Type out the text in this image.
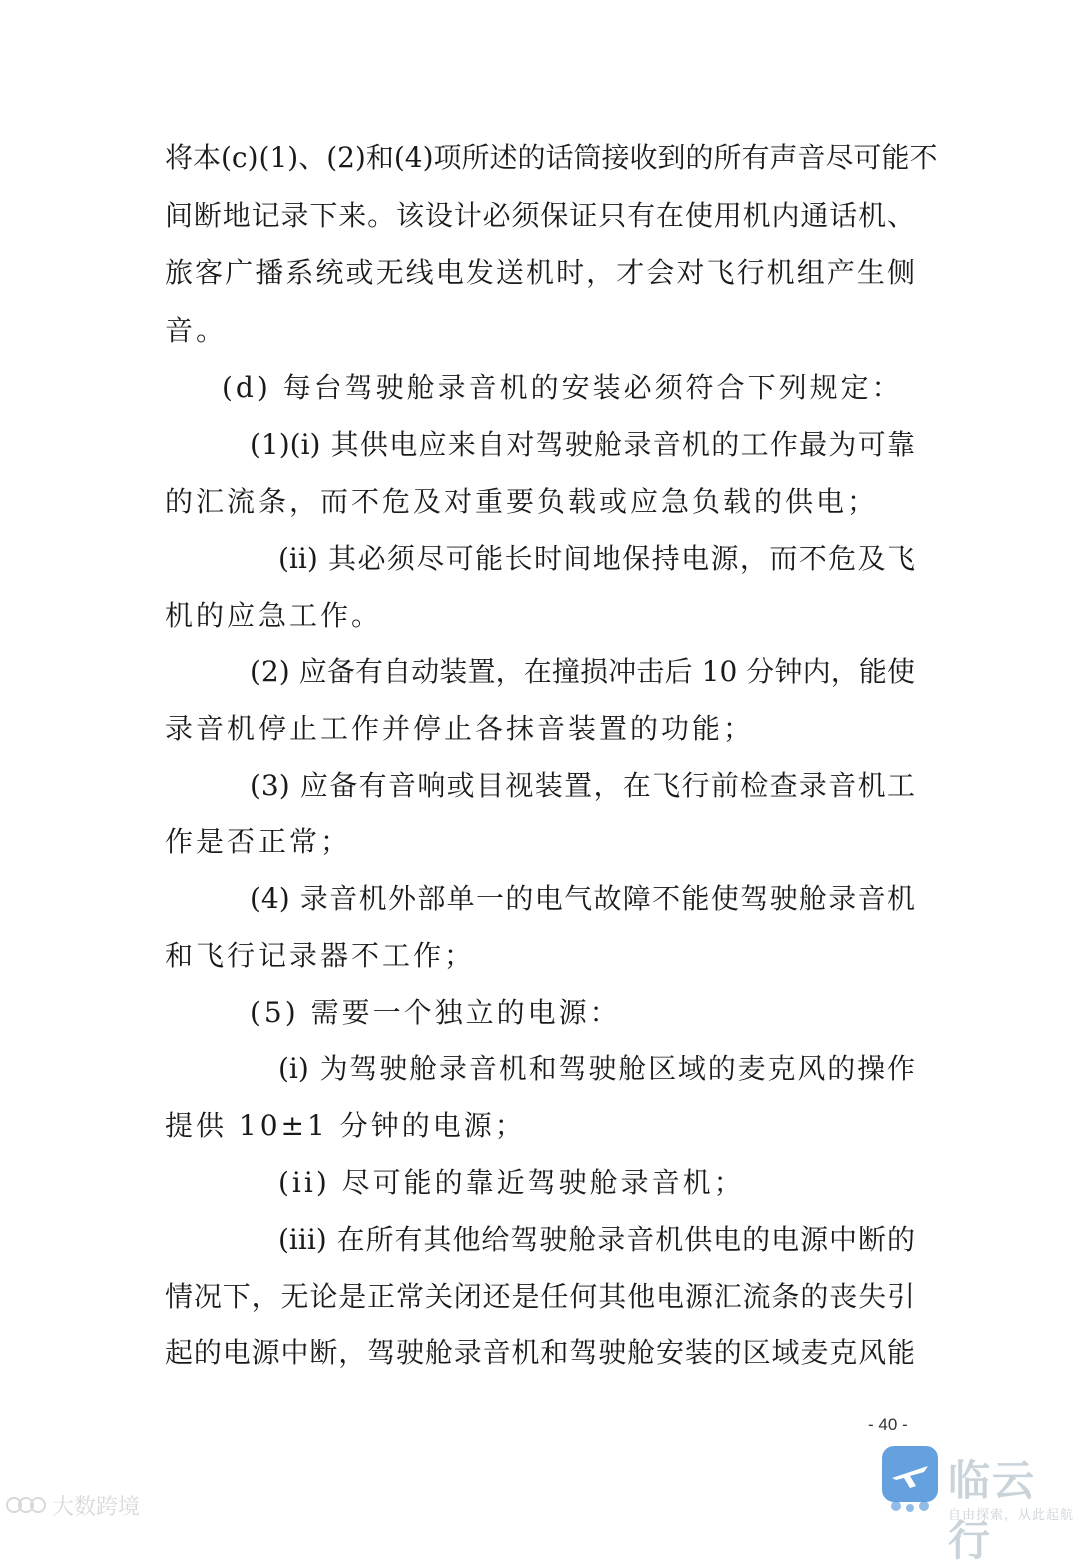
将本(c)(1)、(2)和(4)项所述的话筒接收到的所有声音尽可能不
间断地记录下来。该设计必须保证只有在使用机内通话机、
旅客广播系统或无线电发送机时，才会对飞行机组产生侧
音。
(d) 每台驾驶舱录音机的安装必须符合下列规定：
(1)(i) 其供电应来自对驾驶舱录音机的工作最为可靠
的汇流条，而不危及对重要负载或应急负载的供电；
(ii) 其必须尽可能长时间地保持电源，而不危及飞
机的应急工作。
(2) 应备有自动装置，在撞损冲击后 10 分钟内，能使
录音机停止工作并停止各抹音装置的功能；
(3) 应备有音响或目视装置，在飞行前检查录音机工
作是否正常；
(4) 录音机外部单一的电气故障不能使驾驶舱录音机
和飞行记录器不工作；
(5) 需要一个独立的电源：
(i) 为驾驶舱录音机和驾驶舱区域的麦克风的操作
提供 10±1 分钟的电源；
(ii) 尽可能的靠近驾驶舱录音机；
(iii) 在所有其他给驾驶舱录音机供电的电源中断的
情况下，无论是正常关闭还是任何其他电源汇流条的丧失引
起的电源中断，驾驶舱录音机和驾驶舱安装的区域麦克风能
- 40 -
大数跨境
临云行
自由探索，从此起航
